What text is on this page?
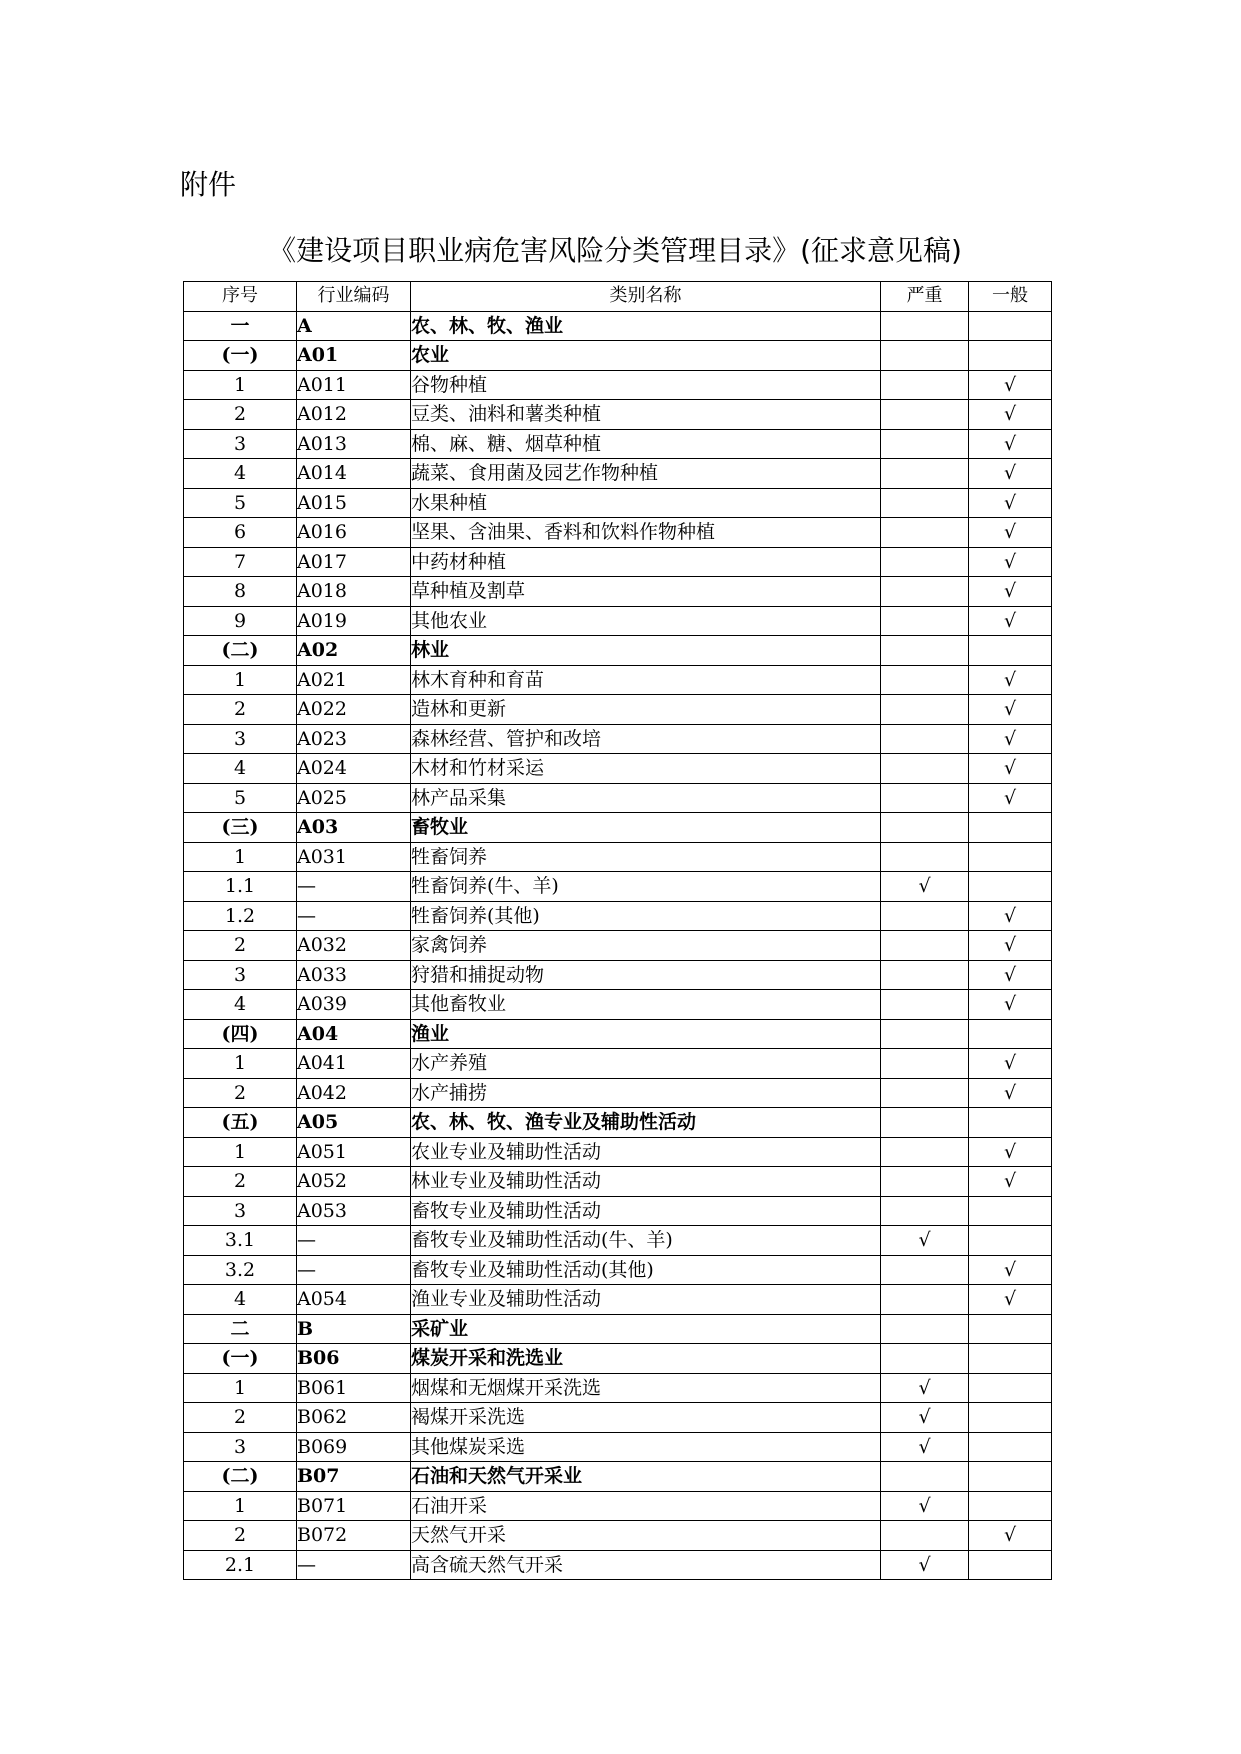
附件
《建设项目职业病危害风险分类管理目录》(征求意见稿)
序号	行业编码	类别名称	严重	一般
一	A	农、林、牧、渔业		
(一)	A01	农业		
1	A011	谷物种植		√
2	A012	豆类、油料和薯类种植		√
3	A013	棉、麻、糖、烟草种植		√
4	A014	蔬菜、食用菌及园艺作物种植		√
5	A015	水果种植		√
6	A016	坚果、含油果、香料和饮料作物种植		√
7	A017	中药材种植		√
8	A018	草种植及割草		√
9	A019	其他农业		√
(二)	A02	林业		
1	A021	林木育种和育苗		√
2	A022	造林和更新		√
3	A023	森林经营、管护和改培		√
4	A024	木材和竹材采运		√
5	A025	林产品采集		√
(三)	A03	畜牧业		
1	A031	牲畜饲养		
1.1	—	牲畜饲养(牛、羊)	√	
1.2	—	牲畜饲养(其他)		√
2	A032	家禽饲养		√
3	A033	狩猎和捕捉动物		√
4	A039	其他畜牧业		√
(四)	A04	渔业		
1	A041	水产养殖		√
2	A042	水产捕捞		√
(五)	A05	农、林、牧、渔专业及辅助性活动		
1	A051	农业专业及辅助性活动		√
2	A052	林业专业及辅助性活动		√
3	A053	畜牧专业及辅助性活动		
3.1	—	畜牧专业及辅助性活动(牛、羊)	√	
3.2	—	畜牧专业及辅助性活动(其他)		√
4	A054	渔业专业及辅助性活动		√
二	B	采矿业		
(一)	B06	煤炭开采和洗选业		
1	B061	烟煤和无烟煤开采洗选	√	
2	B062	褐煤开采洗选	√	
3	B069	其他煤炭采选	√	
(二)	B07	石油和天然气开采业		
1	B071	石油开采	√	
2	B072	天然气开采		√
2.1	—	高含硫天然气开采	√	
